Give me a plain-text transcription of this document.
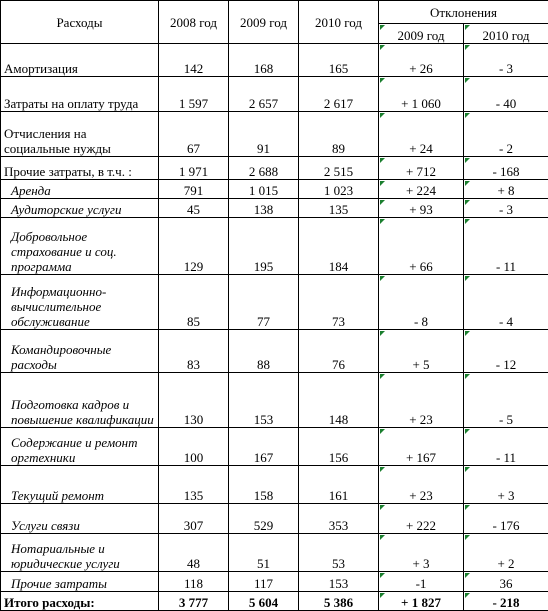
Расходы	2008 год	2009 год	2010 год	Отклонения	
				2009 год	2010 год
Амортизация	142	168	165	+ 26	- 3
Затраты на оплату труда	1 597	2 657	2 617	+ 1 060	- 40
Отчисления на социальные нужды	67	91	89	+ 24	- 2
Прочие затраты, в т.ч. :	1 971	2 688	2 515	+ 712	- 168
Аренда	791	1 015	1 023	+ 224	+ 8
Аудиторские услуги	45	138	135	+ 93	- 3
Добровольное страхование и соц. программа	129	195	184	+ 66	- 11
Информационно-вычислительное обслуживание	85	77	73	- 8	- 4
Командировочные расходы	83	88	76	+ 5	- 12
Подготовка кадров и повышение квалификации	130	153	148	+ 23	- 5
Содержание и ремонт оргтехники	100	167	156	+ 167	- 11
Текущий ремонт	135	158	161	+ 23	+ 3
Услуги связи	307	529	353	+ 222	- 176
Нотариальные и юридические услуги	48	51	53	+ 3	+ 2
Прочие затраты	118	117	153	-1	36
Итого расходы:	3 777	5 604	5 386	+ 1 827	- 218
